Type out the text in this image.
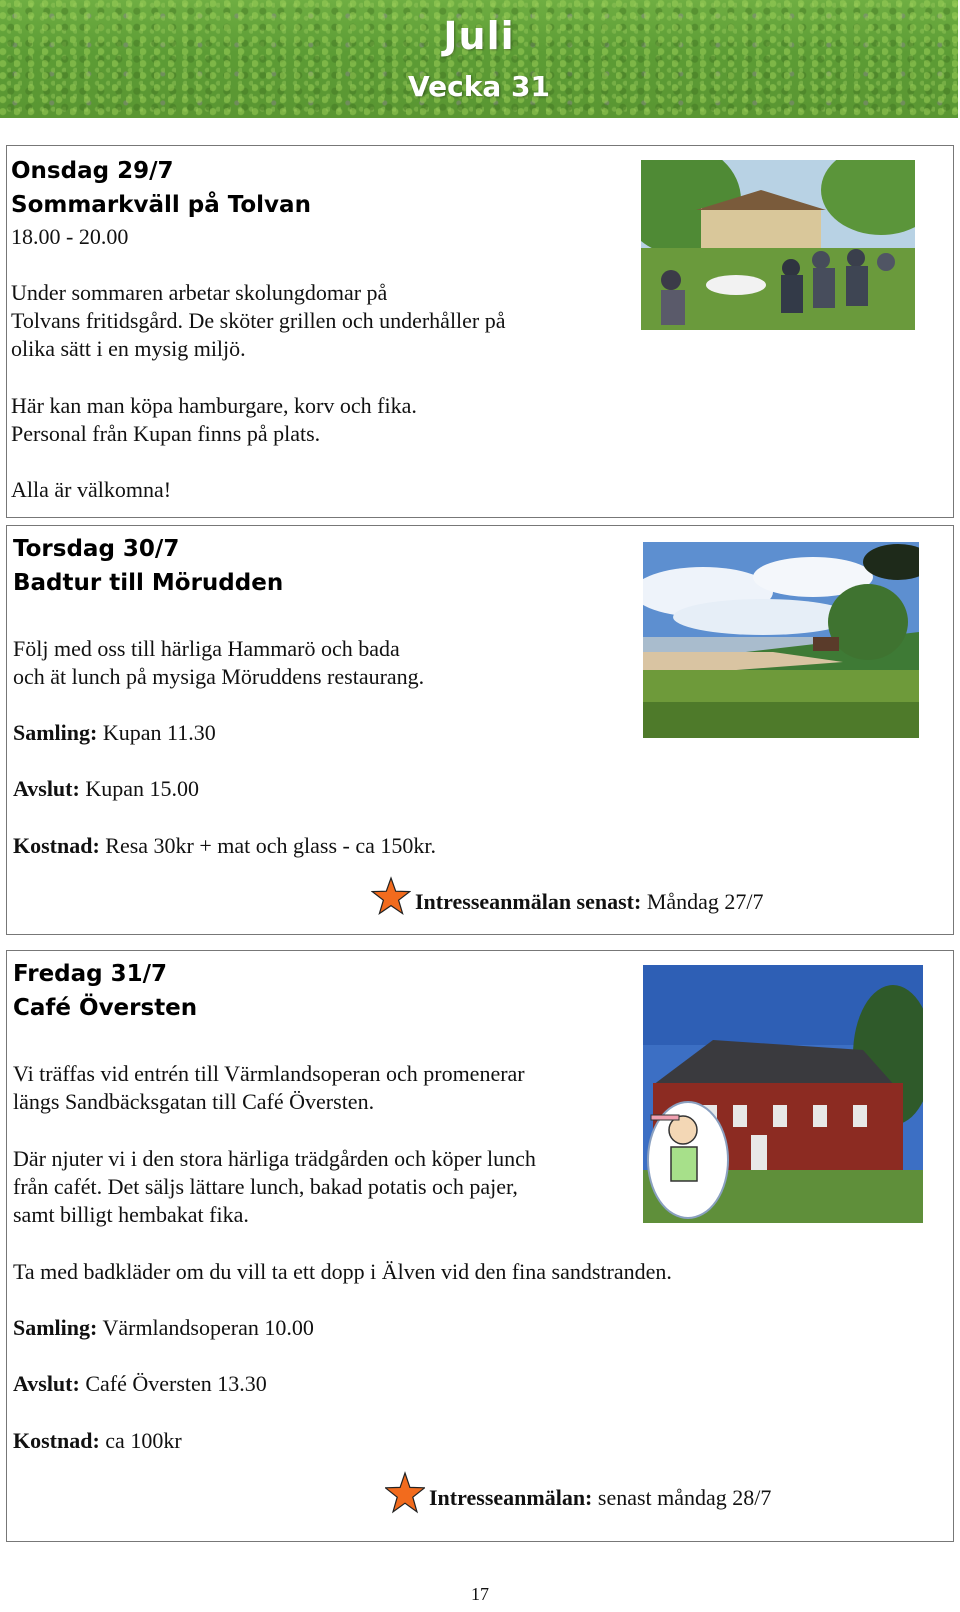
Juli
Vecka 31
Onsdag 29/7
Sommarkväll på Tolvan
18.00 - 20.00
Under sommaren arbetar skolungdomar på
Tolvans fritidsgård. De sköter grillen och underhåller på
olika sätt i en mysig miljö.
Här kan man köpa hamburgare, korv och fika.
Personal från Kupan finns på plats.
Alla är välkomna!
Torsdag 30/7
Badtur till Mörudden
Följ med oss till härliga Hammarö och bada
och ät lunch på mysiga Möruddens restaurang.
Samling: Kupan 11.30
Avslut: Kupan 15.00
Kostnad: Resa 30kr + mat och glass - ca 150kr.
Intresseanmälan senast: Måndag 27/7
Fredag 31/7
Café Översten
Vi träffas vid entrén till Värmlandsoperan och promenerar
längs Sandbäcksgatan till Café Översten.
Där njuter vi i den stora härliga trädgården och köper lunch
från cafét. Det säljs lättare lunch, bakad potatis och pajer,
samt billigt hembakat fika.
Ta med badkläder om du vill ta ett dopp i Älven vid den fina sandstranden.
Samling: Värmlandsoperan 10.00
Avslut: Café Översten 13.30
Kostnad: ca 100kr
Intresseanmälan: senast måndag 28/7
17
